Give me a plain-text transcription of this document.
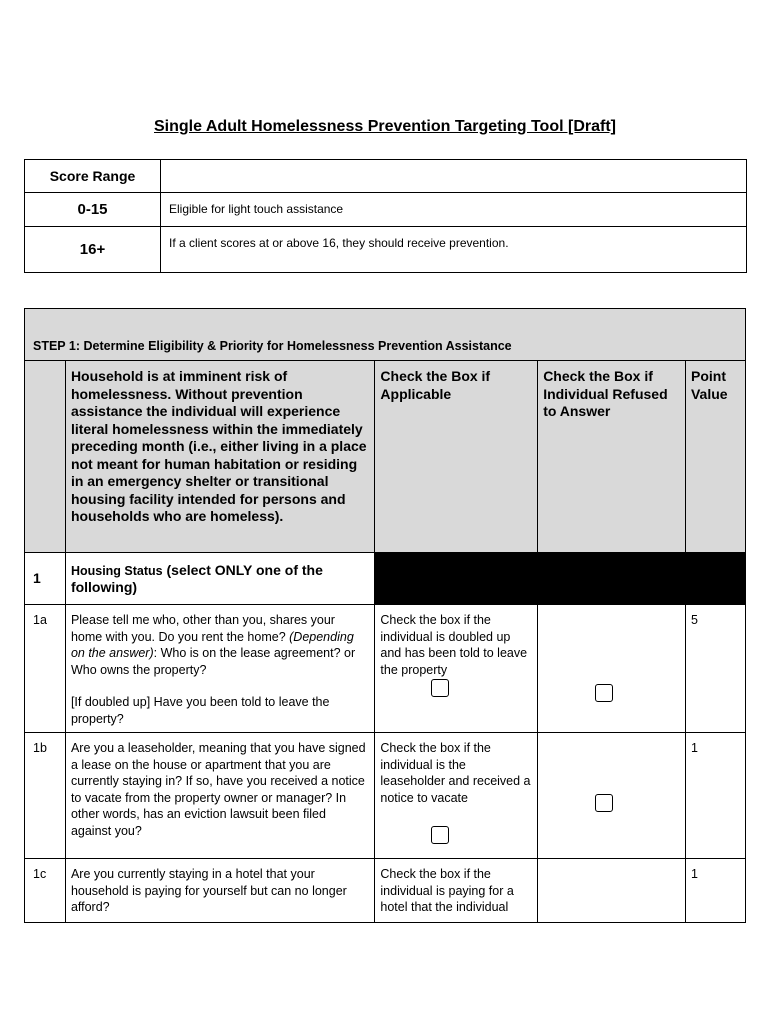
Single Adult Homelessness Prevention Targeting Tool [Draft]
Score Range	
0-15	Eligible for light touch assistance
16+	If a client scores at or above 16, they should receive prevention.
STEP 1: Determine Eligibility & Priority for Homelessness Prevention Assistance				
	Household is at imminent risk of homelessness. Without prevention assistance the individual will experience literal homelessness within the immediately preceding month (i.e., either living in a place not meant for human habitation or residing in an emergency shelter or transitional housing facility intended for persons and households who are homeless).	Check the Box if Applicable	Check the Box if Individual Refused to Answer	Point Value
1	Housing Status (select ONLY one of the following)			
1a	Please tell me who, other than you, shares your home with you. Do you rent the home? (Depending on the answer): Who is on the lease agreement? or Who owns the property?

[If doubled up] Have you been told to leave the property?	Check the box if the individual is doubled up and has been told to leave the property		5
1b	Are you a leaseholder, meaning that you have signed a lease on the house or apartment that you are currently staying in? If so, have you received a notice to vacate from the property owner or manager? In other words, has an eviction lawsuit been filed against you?	Check the box if the individual is the leaseholder and received a notice to vacate		1
1c	Are you currently staying in a hotel that your household is paying for yourself but can no longer afford?	Check the box if the individual is paying for a hotel that the individual		1
